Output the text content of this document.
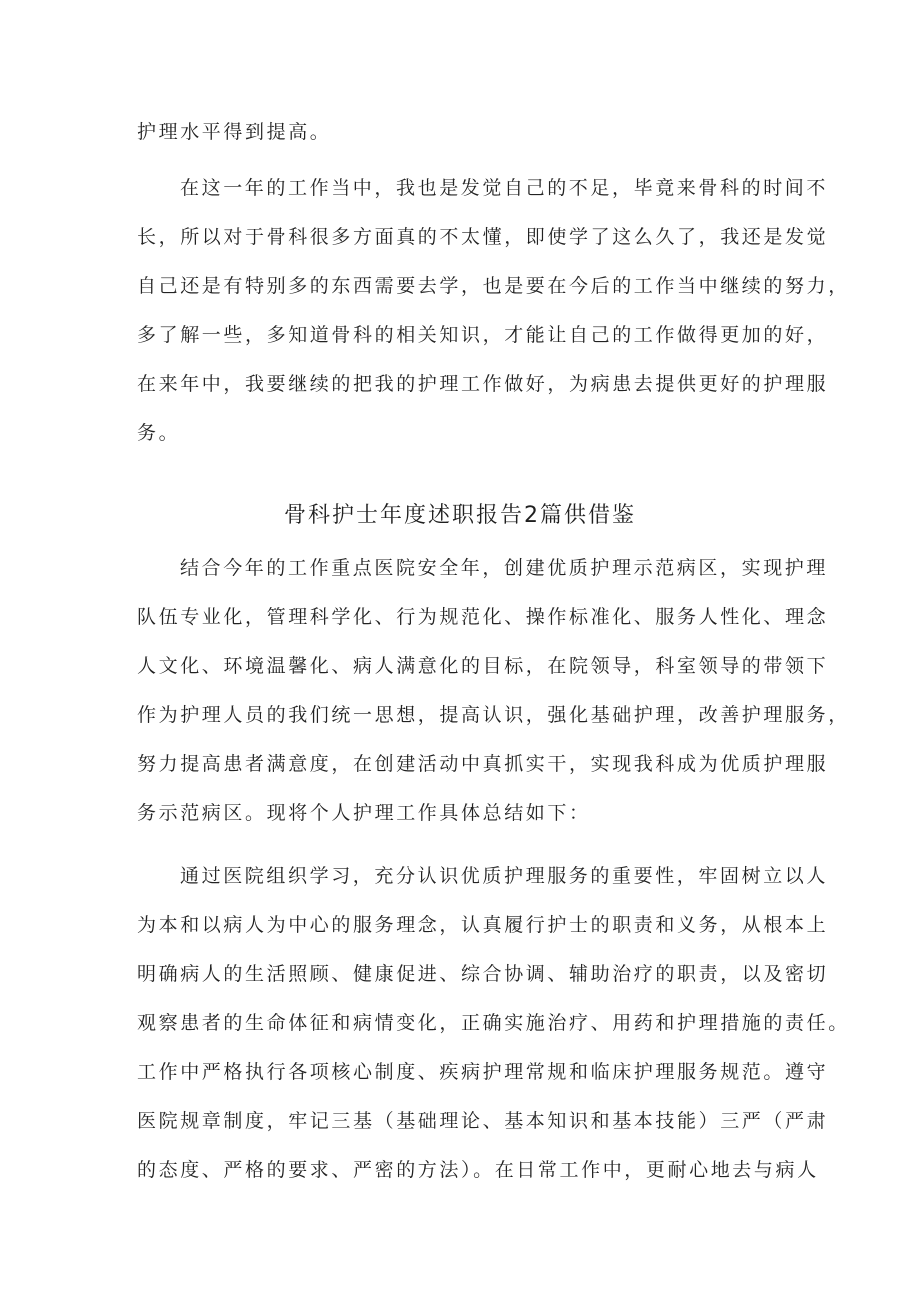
护理水平得到提高。
在这一年的工作当中，我也是发觉自己的不足，毕竟来骨科的时间不
长，所以对于骨科很多方面真的不太懂，即使学了这么久了，我还是发觉
自己还是有特别多的东西需要去学，也是要在今后的工作当中继续的努力，
多了解一些，多知道骨科的相关知识，才能让自己的工作做得更加的好，
在来年中，我要继续的把我的护理工作做好，为病患去提供更好的护理服
务。
骨科护士年度述职报告2篇供借鉴
结合今年的工作重点医院安全年，创建优质护理示范病区，实现护理
队伍专业化，管理科学化、行为规范化、操作标准化、服务人性化、理念
人文化、环境温馨化、病人满意化的目标，在院领导，科室领导的带领下
作为护理人员的我们统一思想，提高认识，强化基础护理，改善护理服务，
努力提高患者满意度，在创建活动中真抓实干，实现我科成为优质护理服
务示范病区。现将个人护理工作具体总结如下：
通过医院组织学习，充分认识优质护理服务的重要性，牢固树立以人
为本和以病人为中心的服务理念，认真履行护士的职责和义务，从根本上
明确病人的生活照顾、健康促进、综合协调、辅助治疗的职责，以及密切
观察患者的生命体征和病情变化，正确实施治疗、用药和护理措施的责任。
工作中严格执行各项核心制度、疾病护理常规和临床护理服务规范。遵守
医院规章制度，牢记三基（基础理论、基本知识和基本技能）三严（严肃
的态度、严格的要求、严密的方法）。在日常工作中，更耐心地去与病人
